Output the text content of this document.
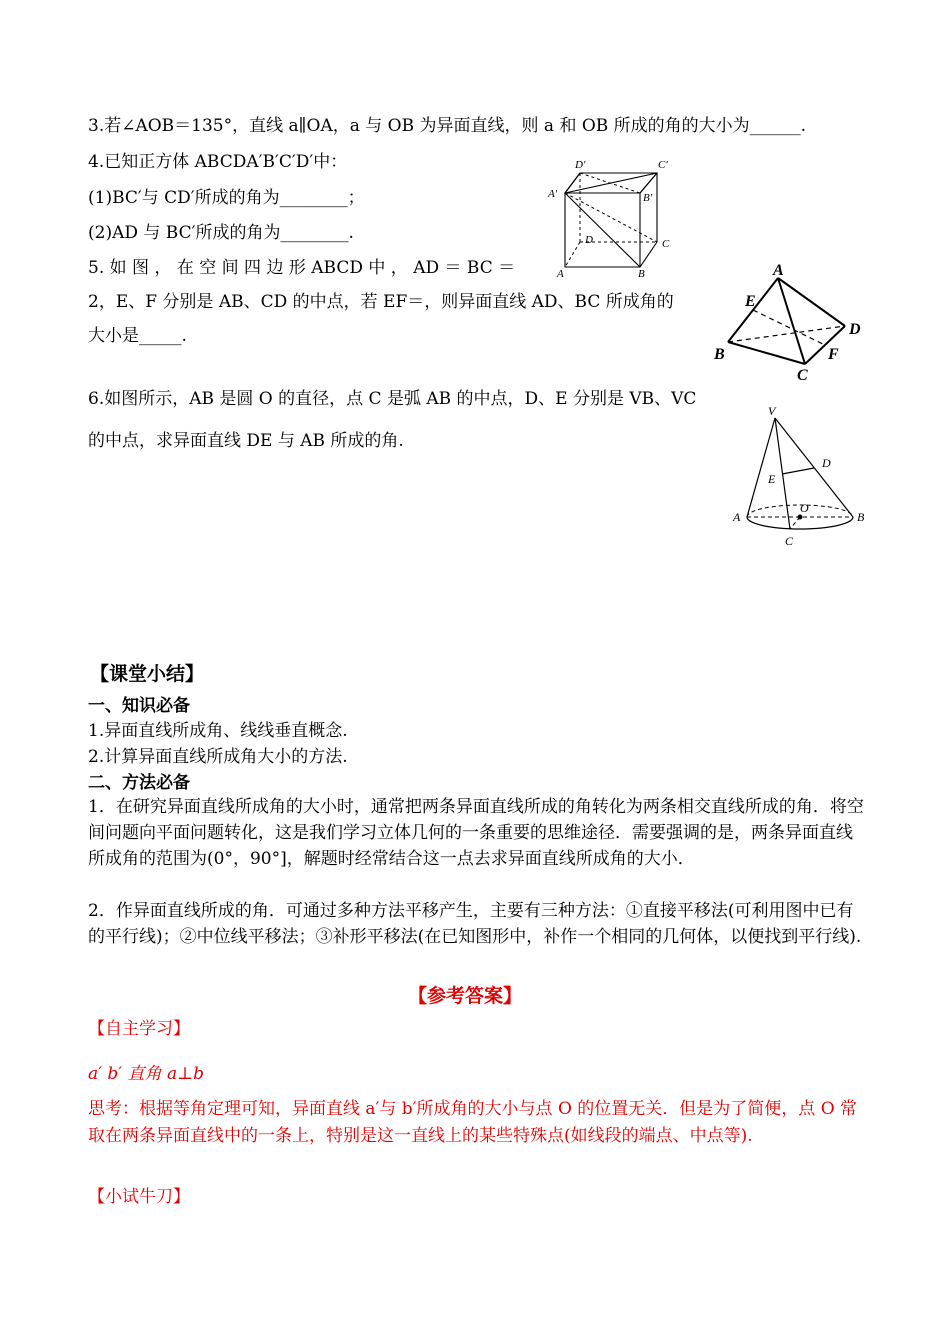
3.若∠AOB＝135°，直线 a∥OA，a 与 OB 为异面直线，则 a 和 OB 所成的角的大小为______.
4.已知正方体 ABCDA′B′C′D′中：
(1)BC′与 CD′所成的角为________；
(2)AD 与 BC′所成的角为________.
5. 如 图 ， 在 空 间 四 边 形 ABCD 中 ， AD ＝ BC ＝
2，E、F 分别是 AB、CD 的中点，若 EF＝，则异面直线 AD、BC 所成角的
大小是_____.
6.如图所示，AB 是圆 O 的直径，点 C 是弧 AB 的中点，D、E 分别是 VB、VC
的中点，求异面直线 DE 与 AB 所成的角.
D′	C′
A′	B′
D	C
A	B	A
E
D
F
B
C
V
D
E
O
A	B
C
【课堂小结】
一、知识必备
1.异面直线所成角、线线垂直概念.
2.计算异面直线所成角大小的方法.
二、方法必备
1．在研究异面直线所成角的大小时，通常把两条异面直线所成的角转化为两条相交直线所成的角．将空间问题向平面问题转化，这是我们学习立体几何的一条重要的思维途径．需要强调的是，两条异面直线所成角的范围为(0°，90°]，解题时经常结合这一点去求异面直线所成角的大小．
2．作异面直线所成的角．可通过多种方法平移产生，主要有三种方法：①直接平移法(可利用图中已有的平行线)；②中位线平移法；③补形平移法(在已知图形中，补作一个相同的几何体，以便找到平行线).
【参考答案】
【自主学习】
a′ b′ 直角 a⊥b
思考：根据等角定理可知，异面直线 a′与 b′所成角的大小与点 O 的位置无关．但是为了简便，点 O 常取在两条异面直线中的一条上，特别是这一直线上的某些特殊点(如线段的端点、中点等).
【小试牛刀】
